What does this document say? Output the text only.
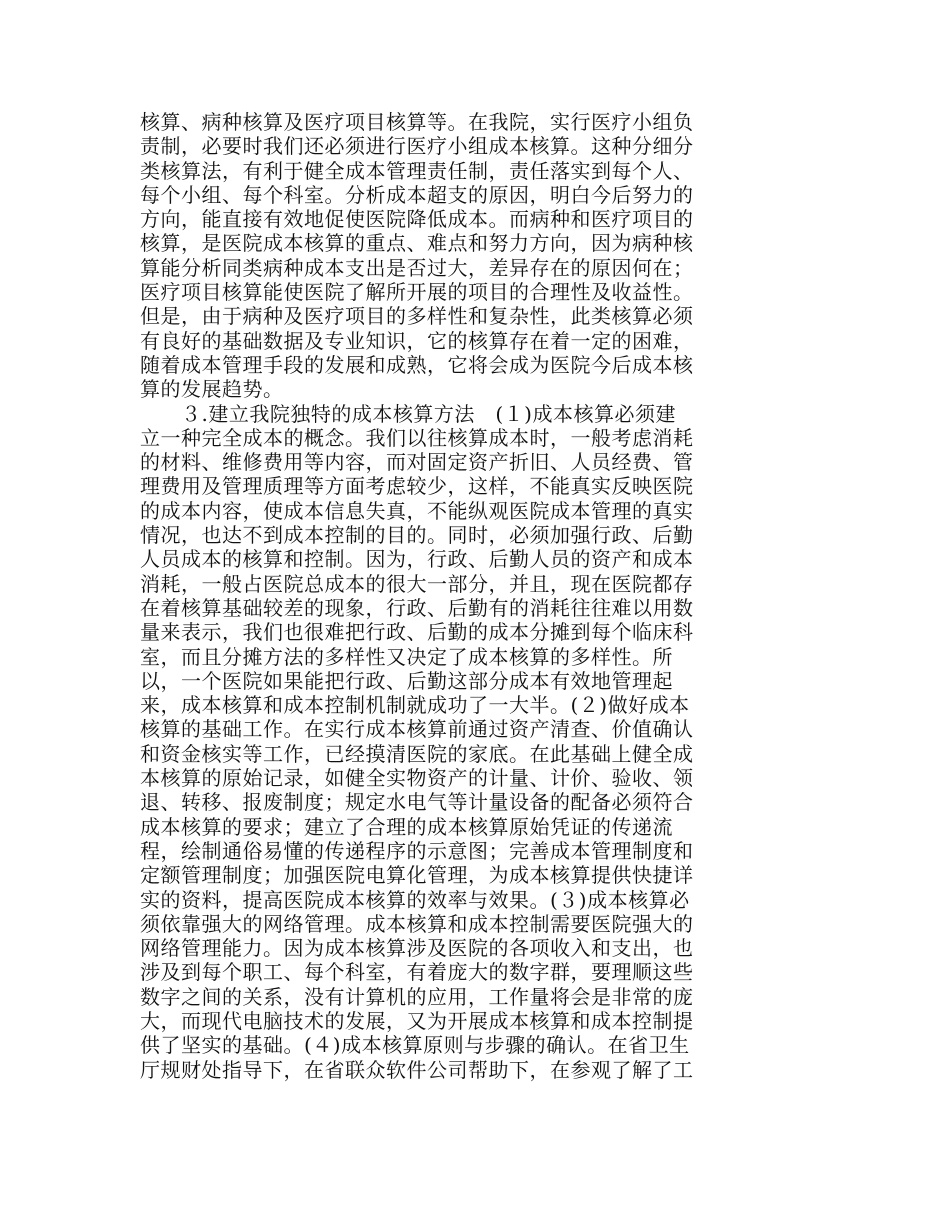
核算、病种核算及医疗项目核算等。在我院，实行医疗小组负
责制，必要时我们还必须进行医疗小组成本核算。这种分细分
类核算法，有利于健全成本管理责任制，责任落实到每个人、
每个小组、每个科室。分析成本超支的原因，明白今后努力的
方向，能直接有效地促使医院降低成本。而病种和医疗项目的
核算，是医院成本核算的重点、难点和努力方向，因为病种核
算能分析同类病种成本支出是否过大，差异存在的原因何在；
医疗项目核算能使医院了解所开展的项目的合理性及收益性。
但是，由于病种及医疗项目的多样性和复杂性，此类核算必须
有良好的基础数据及专业知识，它的核算存在着一定的困难，
随着成本管理手段的发展和成熟，它将会成为医院今后成本核
算的发展趋势。
　　３.建立我院独特的成本核算方法　(１)成本核算必须建
立一种完全成本的概念。我们以往核算成本时，一般考虑消耗
的材料、维修费用等内容，而对固定资产折旧、人员经费、管
理费用及管理质理等方面考虑较少，这样，不能真实反映医院
的成本内容，使成本信息失真，不能纵观医院成本管理的真实
情况，也达不到成本控制的目的。同时，必须加强行政、后勤
人员成本的核算和控制。因为，行政、后勤人员的资产和成本
消耗，一般占医院总成本的很大一部分，并且，现在医院都存
在着核算基础较差的现象，行政、后勤有的消耗往往难以用数
量来表示，我们也很难把行政、后勤的成本分摊到每个临床科
室，而且分摊方法的多样性又决定了成本核算的多样性。所
以，一个医院如果能把行政、后勤这部分成本有效地管理起
来，成本核算和成本控制机制就成功了一大半。(２)做好成本
核算的基础工作。在实行成本核算前通过资产清查、价值确认
和资金核实等工作，已经摸清医院的家底。在此基础上健全成
本核算的原始记录，如健全实物资产的计量、计价、验收、领
退、转移、报废制度；规定水电气等计量设备的配备必须符合
成本核算的要求；建立了合理的成本核算原始凭证的传递流
程，绘制通俗易懂的传递程序的示意图；完善成本管理制度和
定额管理制度；加强医院电算化管理，为成本核算提供快捷详
实的资料，提高医院成本核算的效率与效果。(３)成本核算必
须依靠强大的网络管理。成本核算和成本控制需要医院强大的
网络管理能力。因为成本核算涉及医院的各项收入和支出，也
涉及到每个职工、每个科室，有着庞大的数字群，要理顺这些
数字之间的关系，没有计算机的应用，工作量将会是非常的庞
大，而现代电脑技术的发展，又为开展成本核算和成本控制提
供了坚实的基础。(４)成本核算原则与步骤的确认。在省卫生
厅规财处指导下，在省联众软件公司帮助下，在参观了解了工
